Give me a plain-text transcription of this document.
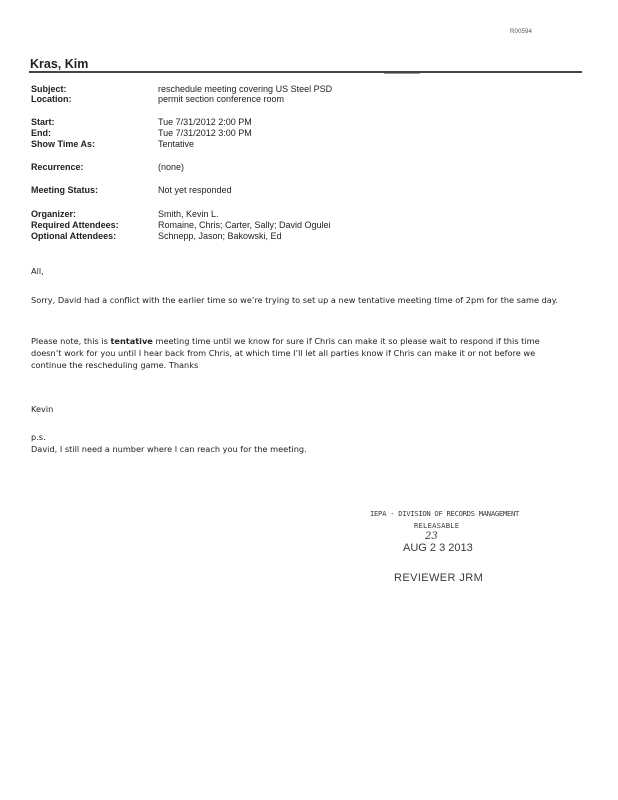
R00594
Kras, Kim
Subject:	reschedule meeting covering US Steel PSD
Location:	permit section conference room
Start:	Tue 7/31/2012 2:00 PM
End:	Tue 7/31/2012 3:00 PM
Show Time As:	Tentative
Recurrence:	(none)
Meeting Status:	Not yet responded
Organizer:	Smith, Kevin L.
Required Attendees:	Romaine, Chris; Carter, Sally; David Ogulei
Optional Attendees:	Schnepp, Jason; Bakowski, Ed
All,
Sorry, David had a conflict with the earlier time so we’re trying to set up a new tentative meeting time of 2pm for the same day.
Please note, this is tentative meeting time until we know for sure if Chris can make it so please wait to respond if this time doesn’t work for you until I hear back from Chris, at which time I’ll let all parties know if Chris can make it or not before we continue the rescheduling game. Thanks
Kevin
p.s.
David, I still need a number where I can reach you for the meeting.
IEPA - DIVISION OF RECORDS MANAGEMENT
RELEASABLE
23
AUG 2 3 2013
REVIEWER JRM
